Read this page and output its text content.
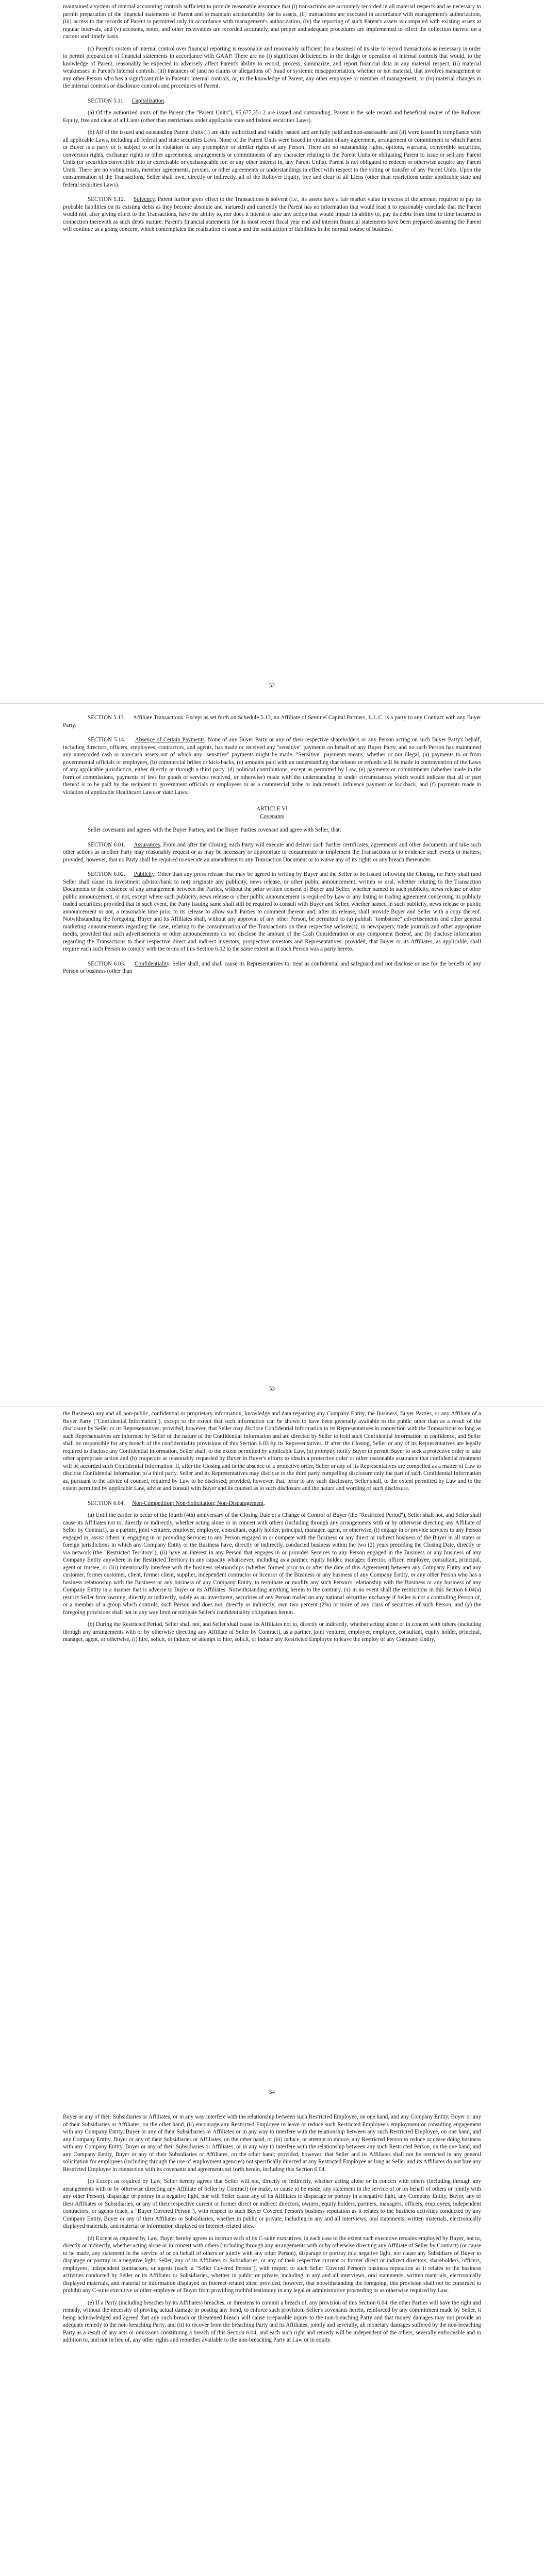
maintained a system of internal accounting controls sufficient to provide reasonable assurance that (i) transactions are accurately recorded in all material respects and as necessary to permit preparation of the financial statements of Parent and to maintain accountability for its assets, (ii) transactions are executed in accordance with management's authorization, (iii) access to the records of Parent is permitted only in accordance with management's authorization, (iv) the reporting of such Parent's assets is compared with existing assets at regular intervals, and (v) accounts, notes, and other receivables are recorded accurately, and proper and adequate procedures are implemented to effect the collection thereof on a current and timely basis.

(c) Parent's system of internal control over financial reporting is reasonable and reasonably sufficient for a business of its size to record transactions as necessary in order to permit preparation of financial statements in accordance with GAAP. There are no (i) significant deficiencies in the design or operation of internal controls that would, to the knowledge of Parent, reasonably be expected to adversely affect Parent's ability to record, process, summarize, and report financial data in any material respect, (ii) material weaknesses in Parent's internal controls, (iii) instances of (and no claims or allegations of) fraud or systemic misappropriation, whether or not material, that involves management or any other Person who has a significant role in Parent's internal controls, or, to the knowledge of Parent, any other employee or member of management, or (iv) material changes in the internal controls or disclosure controls and procedures of Parent.

SECTION 5.11. Capitalization.

(a) Of the authorized units of the Parent (the "Parent Units"), 95,677,351.2 are issued and outstanding. Parent is the sole record and beneficial owner of the Rollover Equity, free and clear of all Liens (other than restrictions under applicable state and federal securities Laws).

(b) All of the issued and outstanding Parent Units (i) are duly authorized and validly issued and are fully paid and non-assessable and (ii) were issued in compliance with all applicable Laws, including all federal and state securities Laws. None of the Parent Units were issued in violation of any agreement, arrangement or commitment to which Parent or Buyer is a party or is subject to or in violation of any preemptive or similar rights of any Person. There are no outstanding rights, options, warrants, convertible securities, conversion rights, exchange rights or other agreements, arrangements or commitments of any character relating to the Parent Units or obligating Parent to issue or sell any Parent Units (or securities convertible into or exercisable or exchangeable for, or any other interest in, any Parent Units). Parent is not obligated to redeem or otherwise acquire any Parent Units. There are no voting trusts, member agreements, proxies, or other agreements or understandings in effect with respect to the voting or transfer of any Parent Units. Upon the consummation of the Transactions, Seller shall own, directly or indirectly, all of the Rollover Equity, free and clear of all Liens (other than restrictions under applicable state and federal securities Laws).

SECTION 5.12. Solvency. Parent further gives effect to the Transactions is solvent (i.e., its assets have a fair market value in excess of the amount required to pay its probable liabilities on its existing debts as they become absolute and matured) and currently the Parent has no information that would lead it to reasonably conclude that the Parent would not, after giving effect to the Transactions, have the ability to, nor does it intend to take any action that would impair its ability to, pay its debts from time to time incurred in connection therewith as such debts mature. Parent's financial statements for its most recent fiscal year end and interim financial statements have been prepared assuming the Parent will continue as a going concern, which contemplates the realization of assets and the satisfaction of liabilities in the normal course of business.

52

SECTION 5.13. Affiliate Transactions. Except as set forth on Schedule 5.13, no Affiliate of Sentinel Capital Partners, L.L.C. is a party to any Contract with any Buyer Party.

SECTION 5.14. Absence of Certain Payments. None of any Buyer Party or any of their respective shareholders or any Person acting on such Buyer Party's behalf, including directors, officers, employees, contractors, and agents, has made or received any "sensitive" payments on behalf of any Buyer Party, and no such Person has maintained any unrecorded cash or non-cash assets out of which any "sensitive" payments might be made. "Sensitive" payments means, whether or not illegal, (a) payments to or from governmental officials or employees, (b) commercial bribes or kick-backs, (c) amounts paid with an understanding that rebates or refunds will be made in contravention of the Laws of any applicable jurisdiction, either directly or through a third party, (d) political contributions, except as permitted by Law, (e) payments or commitments (whether made in the form of commissions, payments of fees for goods or services received, or otherwise) made with the understanding or under circumstances which would indicate that all or part thereof is to be paid by the recipient to government officials or employees or as a commercial bribe or inducement, influence payment or kickback, and (f) payments made in violation of applicable Healthcare Laws or state Laws.

ARTICLE VI
Covenants

Seller covenants and agrees with the Buyer Parties, and the Buyer Parties covenant and agree with Seller, that:

SECTION 6.01. Assurances. From and after the Closing, each Party will execute and deliver such further certificates, agreements and other documents and take such other actions as another Party may reasonably request or as may be necessary or appropriate to consummate or implement the Transactions or to evidence such events or matters; provided, however, that no Party shall be required to execute an amendment to any Transaction Document or to waive any of its rights or any breach thereunder.

SECTION 6.02. Publicity. Other than any press release that may be agreed in writing by Buyer and the Seller to be issued following the Closing, no Party shall (and Seller shall cause its investment advisor/bank to not) originate any publicity, news release, or other public announcement, written or oral, whether relating to the Transaction Documents or the existence of any arrangement between the Parties, without the prior written consent of Buyer and Seller, whether named in such publicity, news release or other public announcement, or not, except where such publicity, news release or other public announcement is required by Law or any listing or trading agreement concerning its publicly traded securities; provided that in such event, the Party issuing same shall still be required to consult with Buyer and Seller, whether named in such publicity, news release or public announcement or not, a reasonable time prior to its release to allow such Parties to comment thereon and, after its release, shall provide Buyer and Seller with a copy thereof. Notwithstanding the foregoing, Buyer and its Affiliates shall, without any approval of any other Person, be permitted to (a) publish "tombstone" advertisements and other general marketing announcements regarding the case, relating to the consummation of the Transactions on their respective website(s), in newspapers, trade journals and other appropriate media, provided that such advertisements or other announcements do not disclose the amount of the Cash Consideration or any component thereof, and (b) disclose information regarding the Transactions to their respective direct and indirect investors, prospective investors and Representatives; provided, that Buyer or its Affiliates, as applicable, shall require each such Person to comply with the terms of this Section 6.02 to the same extent as if such Person was a party hereto.

SECTION 6.03. Confidentiality. Seller shall, and shall cause its Representatives to, treat as confidential and safeguard and not disclose or use for the benefit of any Person or business (other than

53

the Business) any and all non-public, confidential or proprietary information, knowledge and data regarding any Company Entity, the Business, Buyer Parties, or any Affiliate of a Buyer Party ("Confidential Information"), except to the extent that such information can be shown to have been generally available to the public other than as a result of the disclosure by Seller or its Representatives; provided, however, that Seller may disclose Confidential Information to its Representatives in connection with the Transactions so long as such Representatives are informed by Seller of the nature of the Confidential Information and are directed by Seller to hold such Confidential Information in confidence, and Seller shall be responsible for any breach of the confidentiality provisions of this Section 6.03 by its Representatives. If after the Closing, Seller or any of its Representatives are legally required to disclose any Confidential Information, Seller shall, to the extent permitted by applicable Law, (a) promptly notify Buyer to permit Buyer to seek a protective order or take other appropriate action and (b) cooperate as reasonably requested by Buyer in Buyer's efforts to obtain a protective order or other reasonable assurance that confidential treatment will be accorded such Confidential Information. If, after the Closing and in the absence of a protective order, Seller or any of its Representatives are compelled as a matter of Law to disclose Confidential Information to a third party, Seller and its Representatives may disclose to the third party compelling disclosure only the part of such Confidential Information as, pursuant to the advice of counsel, required by Law to be disclosed; provided, however, that, prior to any such disclosure, Seller shall, to the extent permitted by Law and to the extent permitted by applicable Law, advise and consult with Buyer and its counsel as to such disclosure and the nature and wording of such disclosure.

SECTION 6.04. Non-Competition; Non-Solicitation; Non-Disparagement.

(a) Until the earlier to occur of the fourth (4th) anniversary of the Closing Date or a Change of Control of Buyer (the "Restricted Period"), Seller shall not, and Seller shall cause its Affiliates not to, directly or indirectly, whether acting alone or in concert with others (including through any arrangements with or by otherwise directing any Affiliate of Seller by Contract), as a partner, joint venturer, employer, employee, consultant, equity holder, principal, manager, agent, or otherwise, (i) engage in or provide services to any Person engaged in, assist others in engaging in or providing Services to any Person engaged in or compete with the Business or any direct or indirect business of the Buyer in all states or foreign jurisdictions in which any Company Entity or the Business have, directly or indirectly, conducted business within the two (2) years preceding the Closing Date, directly or via network (the "Restricted Territory"), (ii) have an interest in any Person that engages in or provides Services to any Person engaged in the Business or any business of any Company Entity anywhere in the Restricted Territory in any capacity whatsoever, including as a partner, equity holder, manager, director, officer, employee, consultant, principal, agent or trustee, or (iii) intentionally interfere with the business relationships (whether formed prior to or after the date of this Agreement) between any Company Entity and any customer, former customer, client, former client, supplier, independent contractor or licensor of the Business or any business of any Company Entity, or any other Person who has a business relationship with the Business or any business of any Company Entity, to terminate or modify any such Person's relationship with the Business or any business of any Company Entity in a manner that is adverse to Buyer or its Affiliates. Notwithstanding anything herein to the contrary, (x) in no event shall the restrictions in this Section 6.04(a) restrict Seller from owning, directly or indirectly, solely as an investment, securities of any Person traded on any national securities exchange if Seller is not a controlling Person of, or a member of a group which controls, such Person and does not, directly or indirectly, own two percent (2%) or more of any class of securities of such Person, and (y) the foregoing provisions shall not in any way limit or mitigate Seller's confidentiality obligations herein.

(b) During the Restricted Period, Seller shall not, and Seller shall cause its Affiliates not to, directly or indirectly, whether acting alone or in concert with others (including through any arrangements with or by otherwise directing any Affiliate of Seller by Contract), as a partner, joint venturer, employer, employee, consultant, equity holder, principal, manager, agent, or otherwise, (i) hire, solicit, or induce, or attempt to hire, solicit, or induce any Restricted Employee to leave the employ of any Company Entity,

54

Buyer or any of their Subsidiaries or Affiliates, or in any way interfere with the relationship between such Restricted Employee, on one hand, and any Company Entity, Buyer or any of their Subsidiaries or Affiliates, on the other hand, (ii) encourage any Restricted Employee to leave or reduce such Restricted Employee's employment or consulting engagement with any Company Entity, Buyer or any of their Subsidiaries or Affiliates or in any way to interfere with the relationship between any such Restricted Employee, on one hand, and any Company Entity, Buyer or any of their Subsidiaries or Affiliates, on the other hand, or (iii) induce, or attempt to induce, any Restricted Person to reduce or cease doing business with any Company Entity, Buyer or any of their Subsidiaries or Affiliates, or in any way to interfere with the relationship between any such Restricted Person, on the one hand, and any Company Entity, Buyer or any of their Subsidiaries or Affiliates, on the other hand; provided, however, that Seller and its Affiliates shall not be restricted in any general solicitation for employees (including through the use of employment agencies) not specifically directed at any Restricted Employee as long as Seller and its Affiliates do not hire any Restricted Employee in connection with its covenants and agreements set forth herein, including this Section 6.04.

(c) Except as required by Law, Seller hereby agrees that Seller will not, directly or indirectly, whether acting alone or in concert with others (including through any arrangements with or by otherwise directing any Affiliate of Seller by Contract) (or make, or cause to be made, any statement in the service of or on behalf of others or jointly with any other Person), disparage or portray in a negative light, nor will Seller cause any of its Affiliates to disparage or portray in a negative light, any Company Entity, Buyer, any of their Affiliates or Subsidiaries, or any of their respective current or former direct or indirect directors, owners, equity holders, partners, managers, officers, employees, independent contractors, or agents (each, a "Buyer Covered Person"), with respect to such Buyer Covered Person's business reputation as it relates to the business activities conducted by any Company Entity, Buyer or any of their Affiliates or Subsidiaries, whether in public or private, including in any and all interviews, oral statements, written materials, electronically displayed materials, and material or information displayed on Internet-related sites.

(d) Except as required by Law, Buyer hereby agrees to instruct each of its C-suite executives, in each case to the extent such executive remains employed by Buyer, not to, directly or indirectly, whether acting alone or in concert with others (including through any arrangements with or by otherwise directing any Affiliate of Seller by Contract) (or cause to be made, any statement in the service of or on behalf of others or jointly with any other Person), disparage or portray in a negative light, nor cause any Subsidiary of Buyer to disparage or portray in a negative light, Seller, any of its Affiliates or Subsidiaries, or any of their respective current or former direct or indirect directors, shareholders, officers, employees, independent contractors, or agents (each, a "Seller Covered Person"), with respect to such Seller Covered Person's business reputation as it relates to the business activities conducted by Seller or its Affiliates or Subsidiaries, whether in public or private, including in any and all interviews, oral statements, written materials, electronically displayed materials, and material or information displayed on Internet-related sites; provided, however, that notwithstanding the foregoing, this provision shall not be construed to prohibit any C-suite executive or other employee of Buyer from providing truthful testimony in any legal or administrative proceeding or as otherwise required by Law.

(e) If a Party (including breaches by its Affiliates) breaches, or threatens to commit a breach of, any provision of this Section 6.04, the other Parties will have the right and remedy, without the necessity of proving actual damage or posting any bond, to enforce such provision. Seller's covenants herein, reinforced by any commitment made by Seller, it being acknowledged and agreed that any such breach or threatened breach will cause irreparable injury to the non-breaching Party and that money damages may not provide an adequate remedy to the non-breaching Party, and (ii) to recover from the breaching Party and its Affiliates, jointly and severally, all monetary damages suffered by the non-breaching Party as a result of any acts or omissions constituting a breach of this Section 6.04, and each such right and remedy will be independent of the others, severally enforceable and in addition to, and not in lieu of, any other rights and remedies available to the non-breaching Party at Law or in equity.
